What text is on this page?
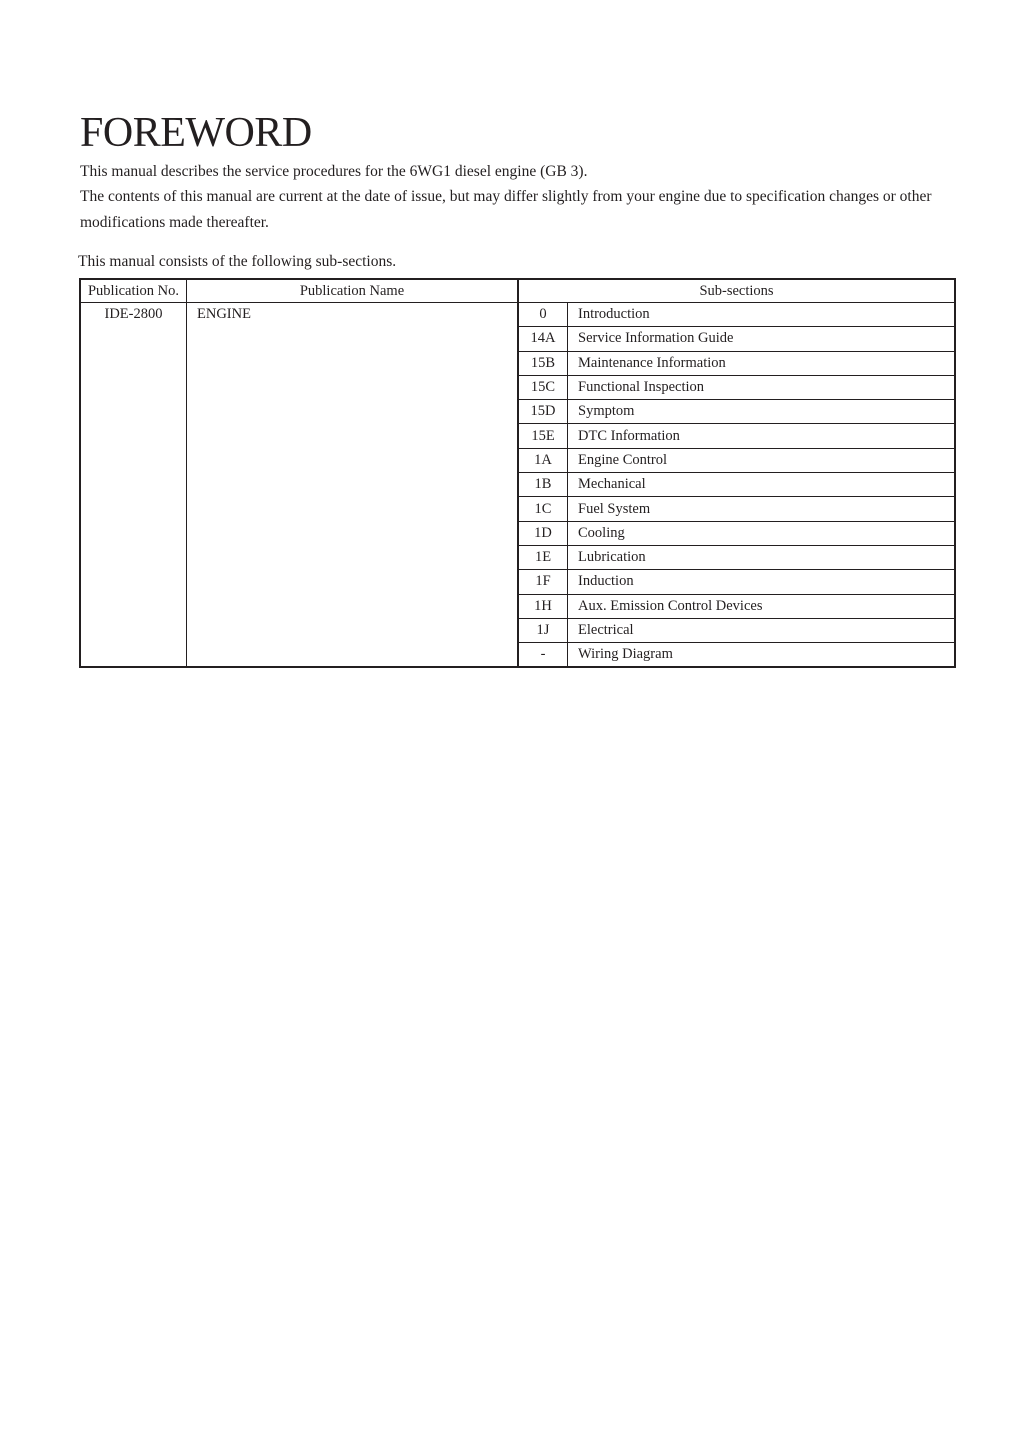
FOREWORD

This manual describes the service procedures for the 6WG1 diesel engine (GB 3).

The contents of this manual are current at the date of issue, but may differ slightly from your engine due to specification changes or other modifications made thereafter.

This manual consists of the following sub-sections.

Publication No.	Publication Name	Sub-sections	
IDE-2800	ENGINE	0	Introduction
		14A	Service Information Guide
		15B	Maintenance Information
		15C	Functional Inspection
		15D	Symptom
		15E	DTC Information
		1A	Engine Control
		1B	Mechanical
		1C	Fuel System
		1D	Cooling
		1E	Lubrication
		1F	Induction
		1H	Aux. Emission Control Devices
		1J	Electrical
		-	Wiring Diagram
